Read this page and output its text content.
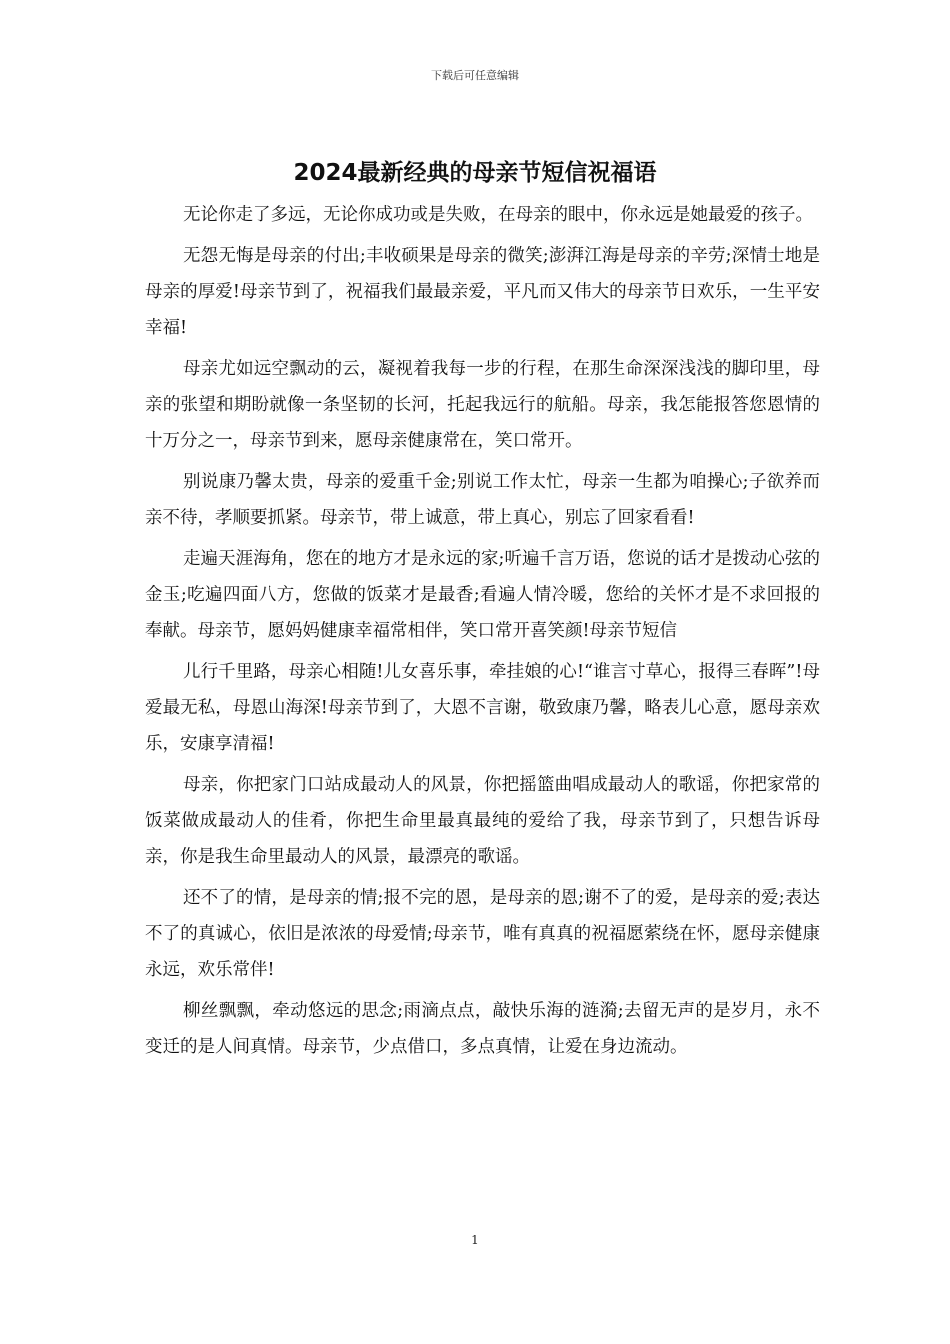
下载后可任意编辑
2024最新经典的母亲节短信祝福语

无论你走了多远，无论你成功或是失败，在母亲的眼中，你永远是她最爱的孩子。

无怨无悔是母亲的付出;丰收硕果是母亲的微笑;澎湃江海是母亲的辛劳;深情士地是母亲的厚爱!母亲节到了，祝福我们最最亲爱，平凡而又伟大的母亲节日欢乐，一生平安幸福!

母亲尤如远空飘动的云，凝视着我每一步的行程，在那生命深深浅浅的脚印里，母亲的张望和期盼就像一条坚韧的长河，托起我远行的航船。母亲，我怎能报答您恩情的十万分之一，母亲节到来，愿母亲健康常在，笑口常开。

别说康乃馨太贵，母亲的爱重千金;别说工作太忙，母亲一生都为咱操心;子欲养而亲不待，孝顺要抓紧。母亲节，带上诚意，带上真心，别忘了回家看看!

走遍天涯海角，您在的地方才是永远的家;听遍千言万语，您说的话才是拨动心弦的金玉;吃遍四面八方，您做的饭菜才是最香;看遍人情冷暖，您给的关怀才是不求回报的奉献。母亲节，愿妈妈健康幸福常相伴，笑口常开喜笑颜!母亲节短信

儿行千里路，母亲心相随!儿女喜乐事，牵挂娘的心!“谁言寸草心，报得三春晖”!母爱最无私，母恩山海深!母亲节到了，大恩不言谢，敬致康乃馨，略表儿心意，愿母亲欢乐，安康享清福!

母亲，你把家门口站成最动人的风景，你把摇篮曲唱成最动人的歌谣，你把家常的饭菜做成最动人的佳肴，你把生命里最真最纯的爱给了我，母亲节到了，只想告诉母亲，你是我生命里最动人的风景，最漂亮的歌谣。

还不了的情，是母亲的情;报不完的恩，是母亲的恩;谢不了的爱，是母亲的爱;表达不了的真诚心，依旧是浓浓的母爱情;母亲节，唯有真真的祝福愿萦绕在怀，愿母亲健康永远，欢乐常伴!

柳丝飘飘，牵动悠远的思念;雨滴点点，敲快乐海的涟漪;去留无声的是岁月，永不变迁的是人间真情。母亲节，少点借口，多点真情，让爱在身边流动。

1
